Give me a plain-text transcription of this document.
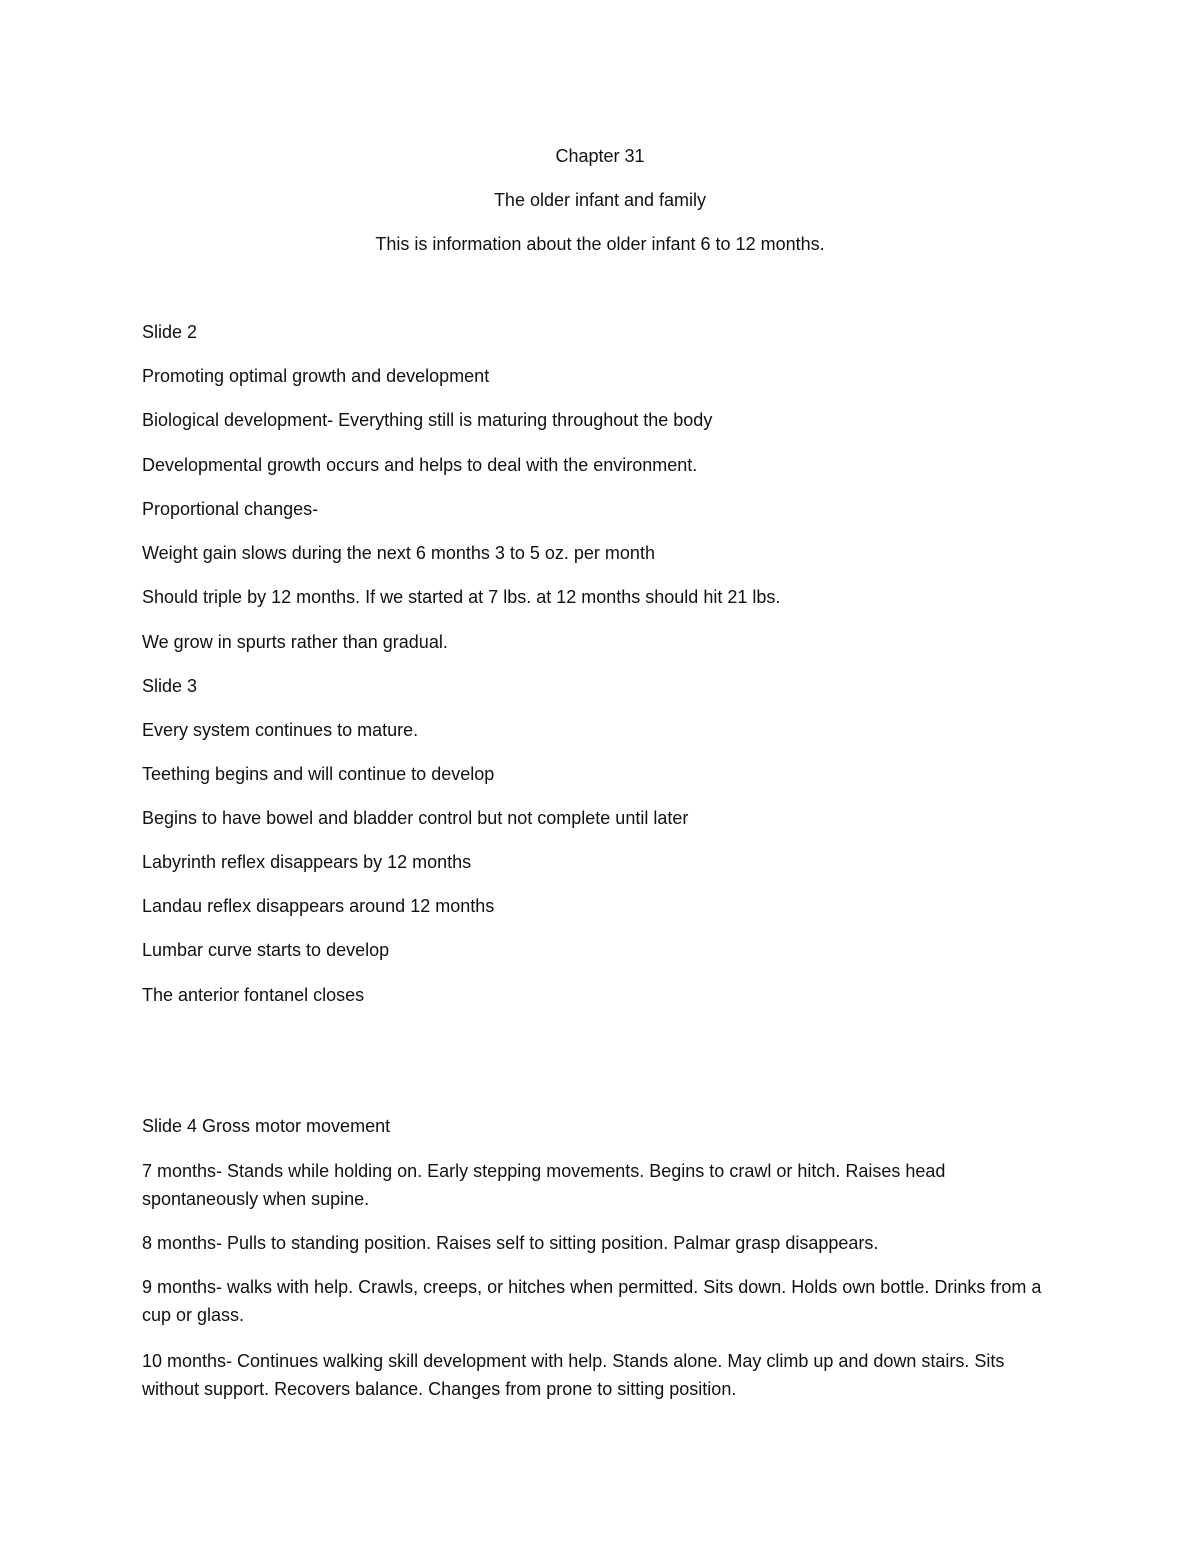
Chapter 31

The older infant and family

This is information about the older infant 6 to 12 months.

Slide 2

Promoting optimal growth and development

Biological development- Everything still is maturing throughout the body

Developmental growth occurs and helps to deal with the environment.

Proportional changes-

Weight gain slows during the next 6 months 3 to 5 oz. per month

Should triple by 12 months. If we started at 7 lbs. at 12 months should hit 21 lbs.

We grow in spurts rather than gradual.

Slide 3

Every system continues to mature.

Teething begins and will continue to develop

Begins to have bowel and bladder control but not complete until later

Labyrinth reflex disappears by 12 months

Landau reflex disappears around 12 months

Lumbar curve starts to develop

The anterior fontanel closes

Slide 4 Gross motor movement

7 months- Stands while holding on. Early stepping movements. Begins to crawl or hitch. Raises head spontaneously when supine.

8 months- Pulls to standing position. Raises self to sitting position. Palmar grasp disappears.

9 months- walks with help. Crawls, creeps, or hitches when permitted. Sits down. Holds own bottle. Drinks from a cup or glass.

10 months- Continues walking skill development with help. Stands alone. May climb up and down stairs. Sits without support. Recovers balance. Changes from prone to sitting position.
